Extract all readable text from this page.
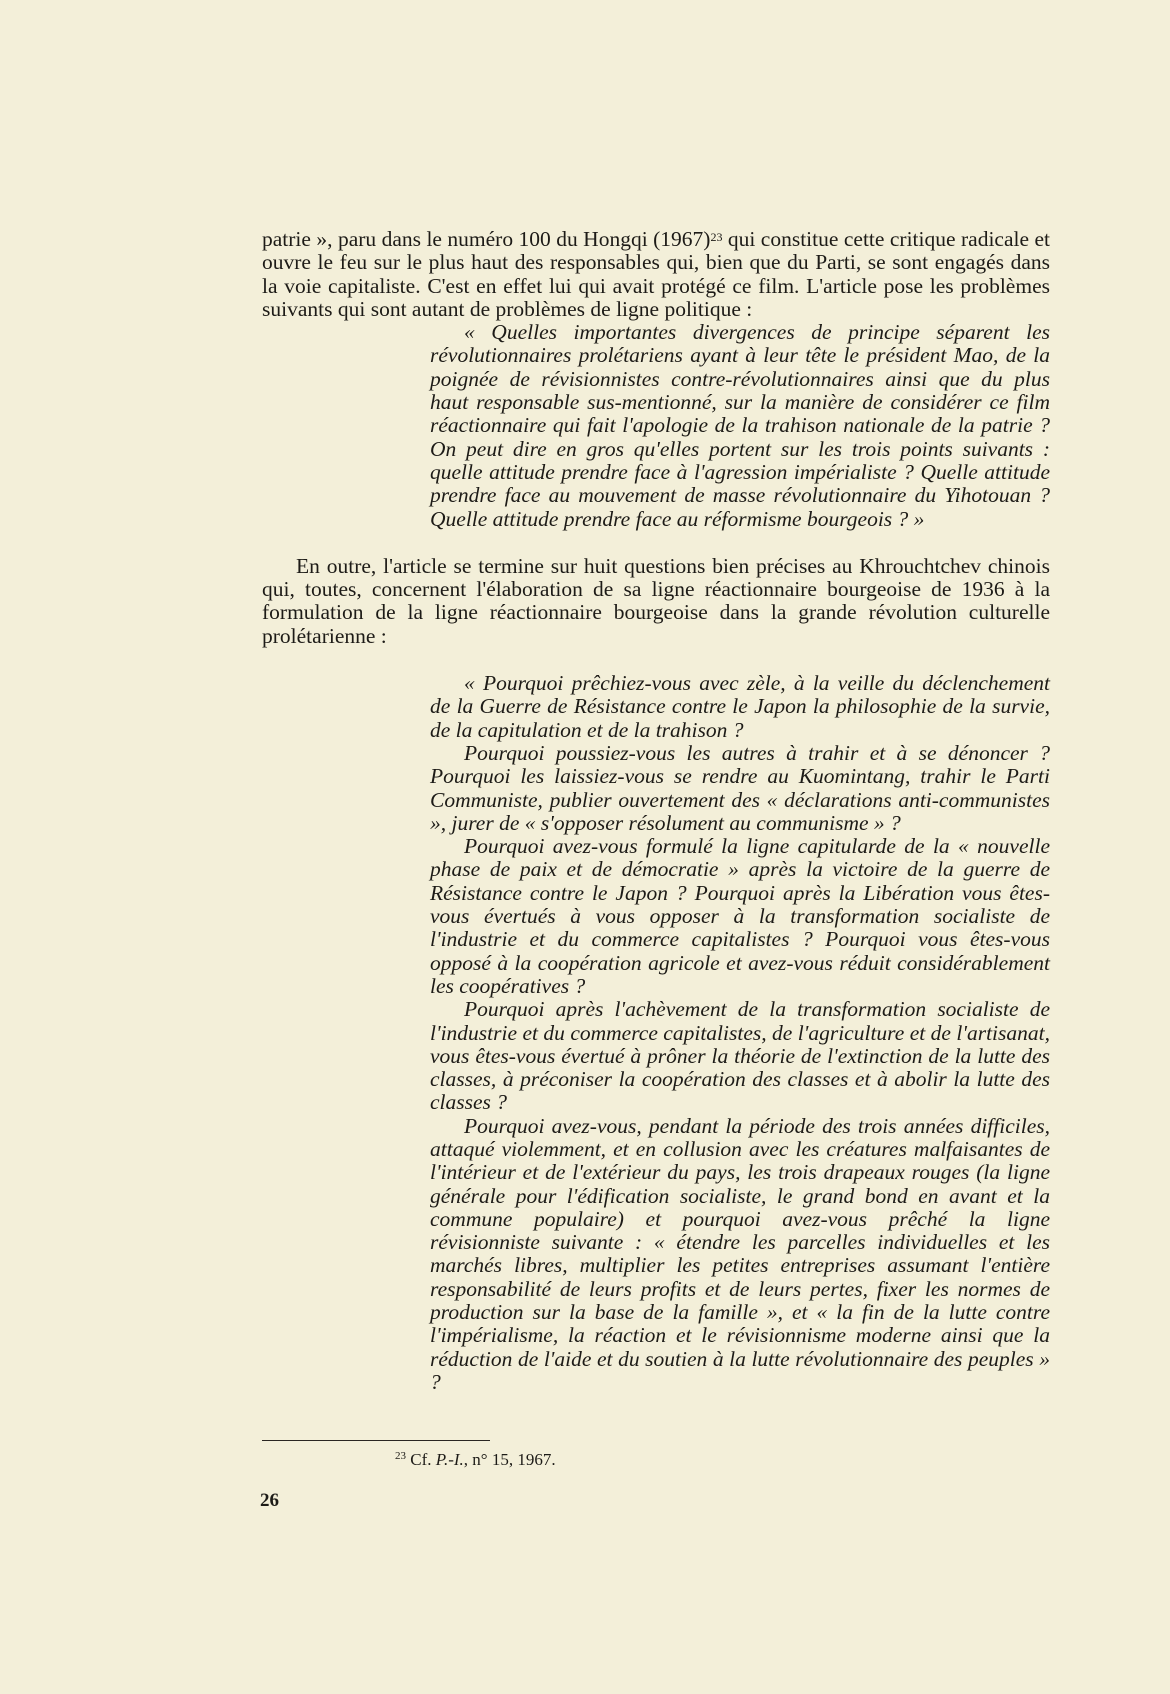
patrie », paru dans le numéro 100 du Hongqi $(1967)^{23}$ qui constitue cette critique radicale et ouvre le feu sur le plus haut des responsables qui, bien que du Parti, se sont engagés dans la voie capitaliste. C'est en effet lui qui avait protégé ce film. L'article pose les problèmes suivants qui sont autant de problèmes de ligne politique :

« Quelles importantes divergences de principe séparent les révolutionnaires prolétariens ayant à leur tête le président Mao, de la poignée de révisionnistes contre-révolutionnaires ainsi que du plus haut responsable sus-mentionné, sur la manière de considérer ce film réactionnaire qui fait l'apologie de la trahison nationale de la patrie ? On peut dire en gros qu'elles portent sur les trois points suivants : quelle attitude prendre face à l'agression impérialiste ? Quelle attitude prendre face au mouvement de masse révolutionnaire du Yihotouan ? Quelle attitude prendre face au réformisme bourgeois ? »

En outre, l'article se termine sur huit questions bien précises au Khrouchtchev chinois qui, toutes, concernent l'élaboration de sa ligne réactionnaire bourgeoise de 1936 à la formulation de la ligne réactionnaire bourgeoise dans la grande révolution culturelle prolétarienne :

« Pourquoi prêchiez-vous avec zèle, à la veille du déclenchement de la Guerre de Résistance contre le Japon la philosophie de la survie, de la capitulation et de la trahison ?

Pourquoi poussiez-vous les autres à trahir et à se dénoncer ? Pourquoi les laissiez-vous se rendre au Kuomintang, trahir le Parti Communiste, publier ouvertement des « déclarations anti-communistes », jurer de « s'opposer résolument au communisme » ?

Pourquoi avez-vous formulé la ligne capitularde de la « nouvelle phase de paix et de démocratie » après la victoire de la guerre de Résistance contre le Japon ? Pourquoi après la Libération vous êtes-vous évertués à vous opposer à la transformation socialiste de l'industrie et du commerce capitalistes ? Pourquoi vous êtes-vous opposé à la coopération agricole et avez-vous réduit considérablement les coopératives ?

Pourquoi après l'achèvement de la transformation socialiste de l'industrie et du commerce capitalistes, de l'agriculture et de l'artisanat, vous êtes-vous évertué à prôner la théorie de l'extinction de la lutte des classes, à préconiser la coopération des classes et à abolir la lutte des classes ?

Pourquoi avez-vous, pendant la période des trois années difficiles, attaqué violemment, et en collusion avec les créatures malfaisantes de l'intérieur et de l'extérieur du pays, les trois drapeaux rouges (la ligne générale pour l'édification socialiste, le grand bond en avant et la commune populaire) et pourquoi avez-vous prêché la ligne révisionniste suivante : « étendre les parcelles individuelles et les marchés libres, multiplier les petites entreprises assumant l'entière responsabilité de leurs profits et de leurs pertes, fixer les normes de production sur la base de la famille », et « la fin de la lutte contre l'impérialisme, la réaction et le révisionnisme moderne ainsi que la réduction de l'aide et du soutien à la lutte révolutionnaire des peuples » ?

$^{23}$ Cf. P.-I., n° 15, 1967.
26
